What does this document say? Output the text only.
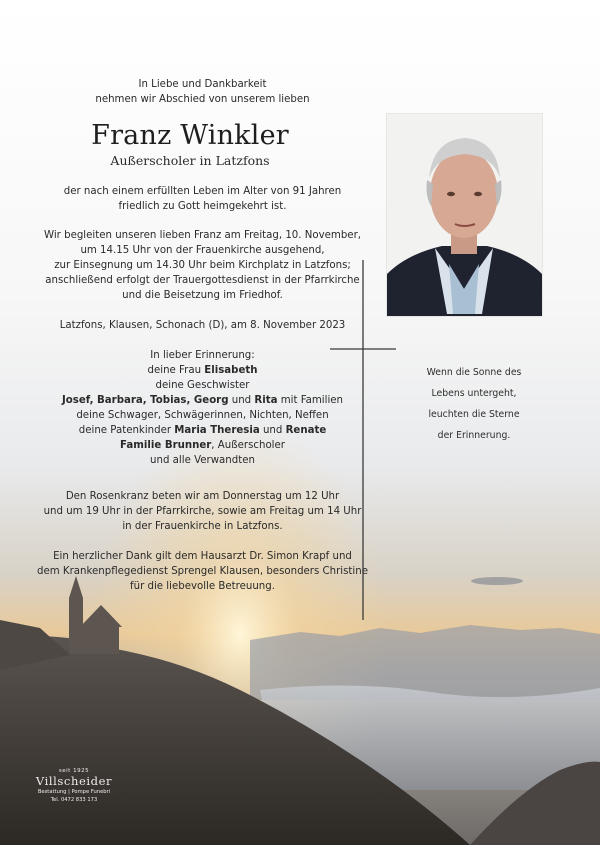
In Liebe und Dankbarkeit
nehmen wir Abschied von unserem lieben
Franz Winkler
Außerscholer in Latzfons
der nach einem erfüllten Leben im Alter von 91 Jahren
friedlich zu Gott heimgekehrt ist.
Wir begleiten unseren lieben Franz am Freitag, 10. November,
um 14.15 Uhr von der Frauenkirche ausgehend,
zur Einsegnung um 14.30 Uhr beim Kirchplatz in Latzfons;
anschließend erfolgt der Trauergottesdienst in der Pfarrkirche
und die Beisetzung im Friedhof.
Latzfons, Klausen, Schonach (D), am 8. November 2023
In lieber Erinnerung:
deine Frau Elisabeth
deine Geschwister
Josef, Barbara, Tobias, Georg und Rita mit Familien
deine Schwager, Schwägerinnen, Nichten, Neffen
deine Patenkinder Maria Theresia und Renate
Familie Brunner, Außerscholer
und alle Verwandten
Den Rosenkranz beten wir am Donnerstag um 12 Uhr
und um 19 Uhr in der Pfarrkirche, sowie am Freitag um 14 Uhr
in der Frauenkirche in Latzfons.
Ein herzlicher Dank gilt dem Hausarzt Dr. Simon Krapf und
dem Krankenpflegedienst Sprengel Klausen, besonders Christine
für die liebevolle Betreuung.
Wenn die Sonne des
Lebens untergeht,
leuchten die Sterne
der Erinnerung.
seit 1925
Villscheider
Bestattung | Pompe Funebri
Tel. 0472 833 173
